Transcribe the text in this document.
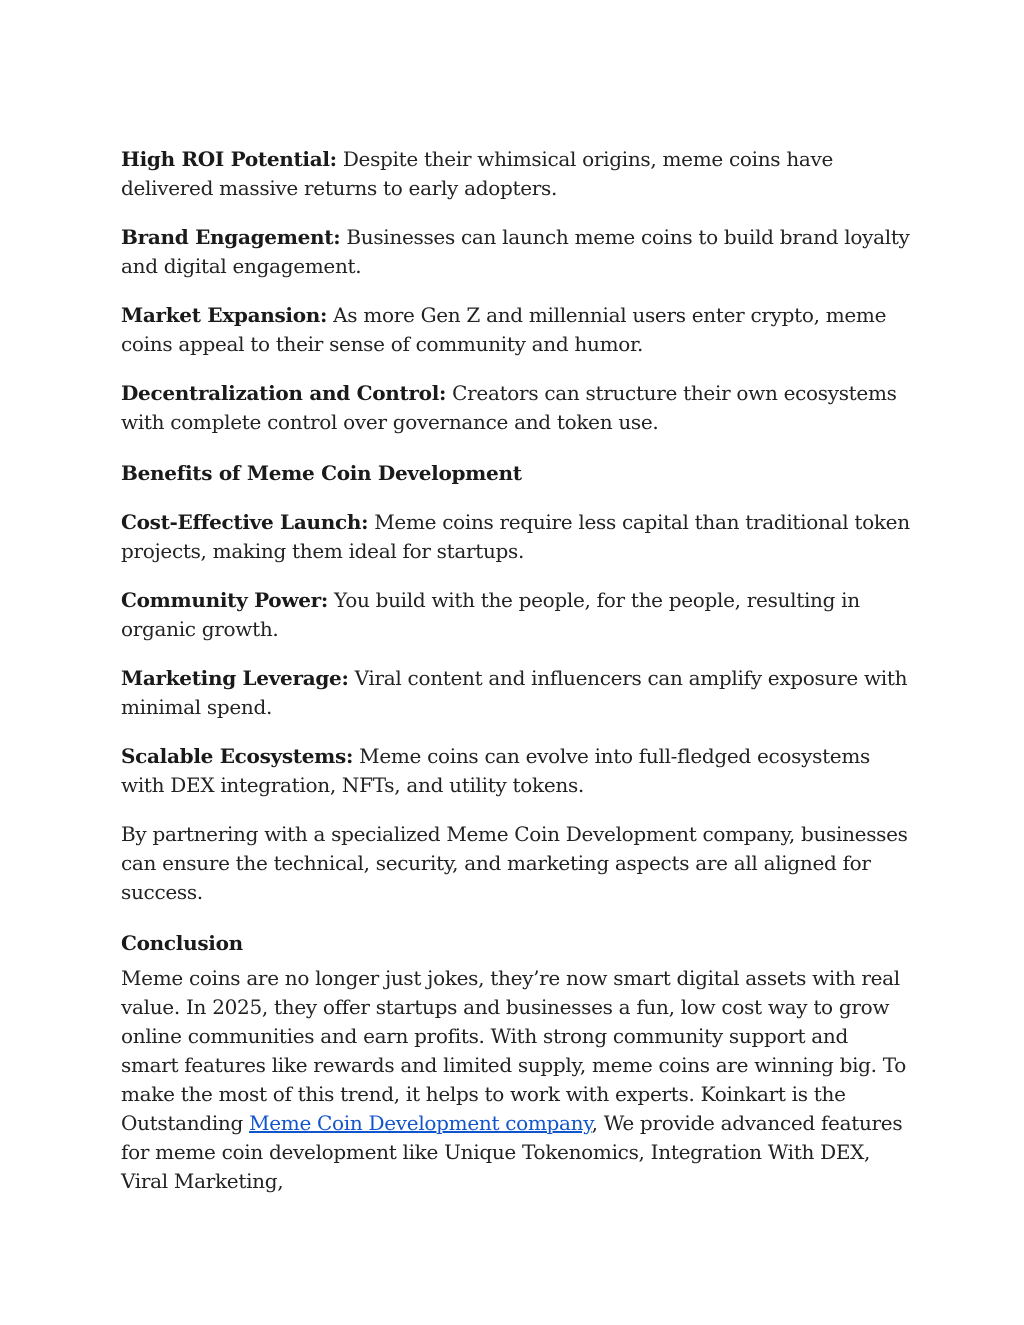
High ROI Potential: Despite their whimsical origins, meme coins have delivered massive returns to early adopters.

Brand Engagement: Businesses can launch meme coins to build brand loyalty and digital engagement.

Market Expansion: As more Gen Z and millennial users enter crypto, meme coins appeal to their sense of community and humor.

Decentralization and Control: Creators can structure their own ecosystems with complete control over governance and token use.

Benefits of Meme Coin Development

Cost-Effective Launch: Meme coins require less capital than traditional token projects, making them ideal for startups.

Community Power: You build with the people, for the people, resulting in organic growth.

Marketing Leverage: Viral content and influencers can amplify exposure with minimal spend.

Scalable Ecosystems: Meme coins can evolve into full-fledged ecosystems with DEX integration, NFTs, and utility tokens.

By partnering with a specialized Meme Coin Development company, businesses can ensure the technical, security, and marketing aspects are all aligned for success.

Conclusion

Meme coins are no longer just jokes, they’re now smart digital assets with real value. In 2025, they offer startups and businesses a fun, low cost way to grow online communities and earn profits. With strong community support and smart features like rewards and limited supply, meme coins are winning big. To make the most of this trend, it helps to work with experts. Koinkart is the Outstanding Meme Coin Development company, We provide advanced features for meme coin development like Unique Tokenomics, Integration With DEX, Viral Marketing,
